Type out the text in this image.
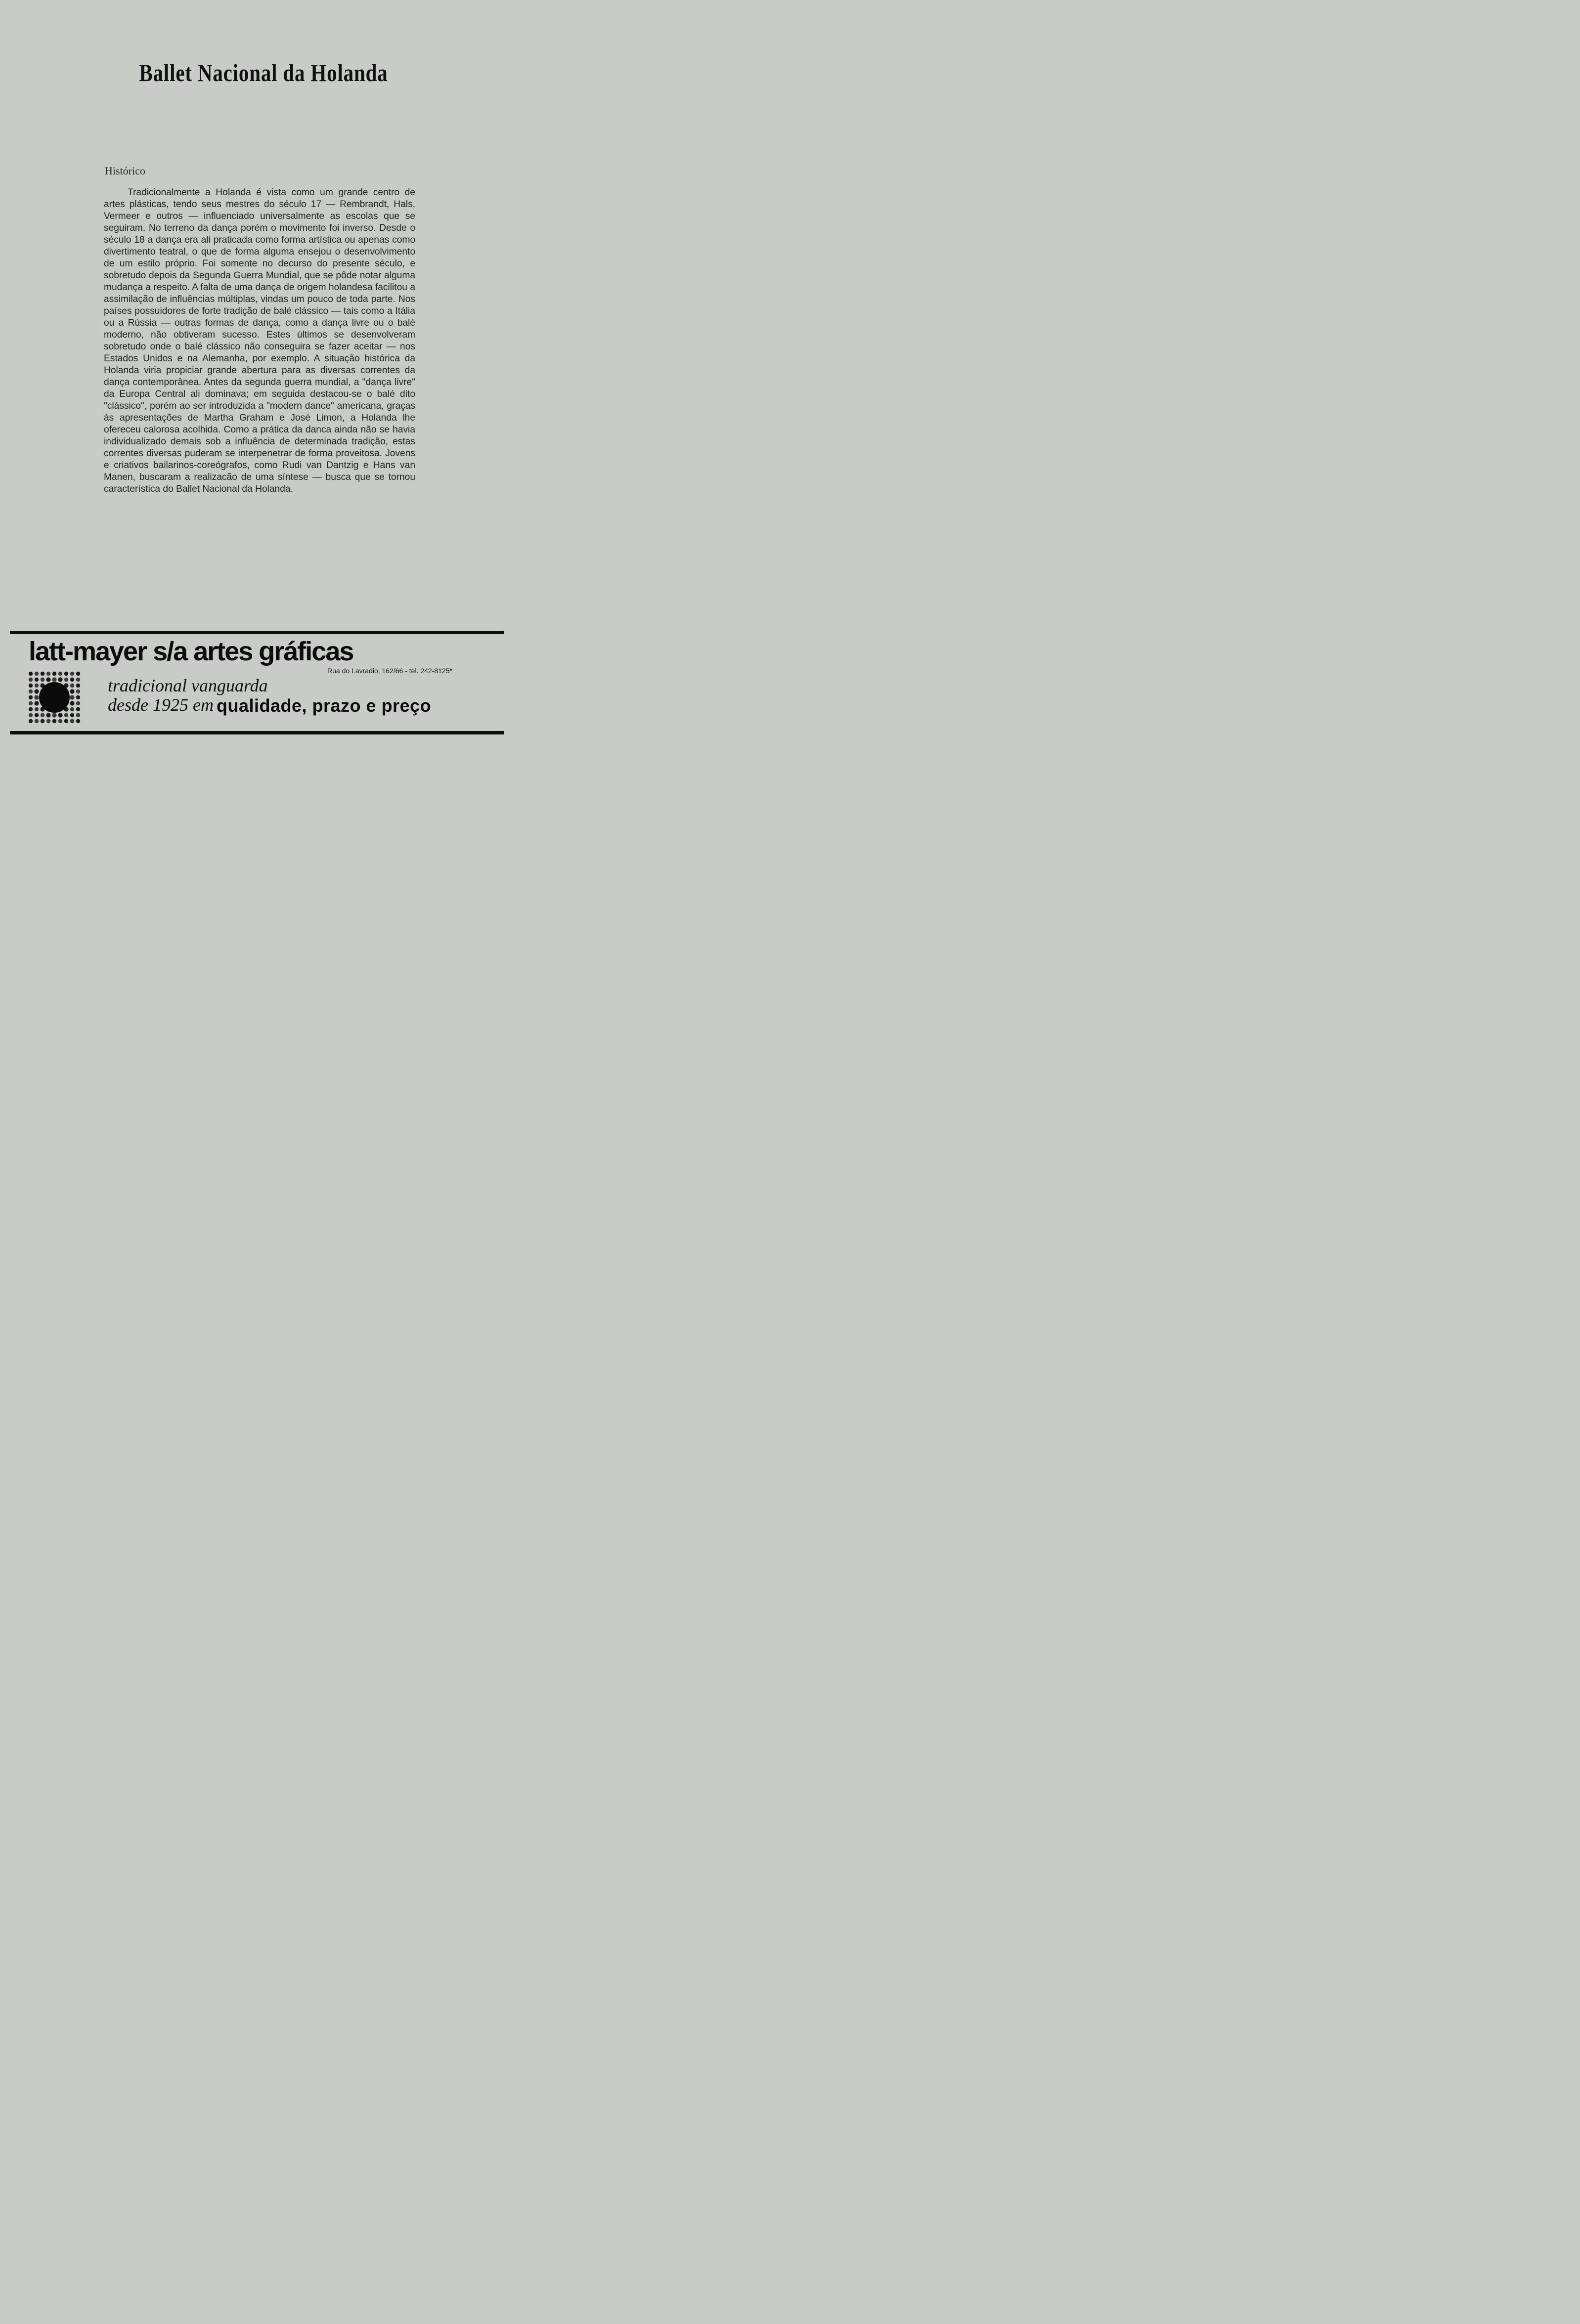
Ballet Nacional da Holanda
Histórico

Tradicionalmente a Holanda é vista como um grande centro de artes plásticas, tendo seus mestres do século 17 — Rembrandt, Hals, Vermeer e outros — influenciado universalmente as escolas que se seguiram. No terreno da dança porém o movimento foi inverso. Desde o século 18 a dança era ali praticada como forma artística ou apenas como divertimento teatral, o que de forma alguma ensejou o desenvolvimento de um estilo próprio. Foi somente no decurso do presente século, e sobretudo depois da Segunda Guerra Mundial, que se pôde notar alguma mudança a respeito. A falta de uma dança de origem holandesa facilitou a assimilação de influências múltiplas, vindas um pouco de toda parte. Nos países possuidores de forte tradição de balé clássico — tais como a Itália ou a Rússia — outras formas de dança, como a dança livre ou o balé moderno, não obtiveram sucesso. Estes últimos se desenvolveram sobretudo onde o balé clássico não conseguira se fazer aceitar — nos Estados Unidos e na Alemanha, por exemplo. A situação histórica da Holanda viria propiciar grande abertura para as diversas correntes da dança contemporânea. Antes da segunda guerra mundial, a "dança livre" da Europa Central ali dominava; em seguida destacou-se o balé dito "clássico", porém ao ser introduzida a "modern dance" americana, graças às apresentações de Martha Graham e José Limon, a Holanda lhe ofereceu calorosa acolhida. Como a prática da danca ainda não se havia individualizado demais sob a influência de determinada tradição, estas correntes diversas puderam se interpenetrar de forma proveitosa. Jovens e criativos bailarinos-coreógrafos, como Rudi van Dantzig e Hans van Manen, buscaram a realizacão de uma síntese — busca que se tornou característica do Ballet Nacional da Holanda.

latt-mayer s/a artes gráficas
Rua do Lavradio, 162/66 - tel. 242-8125*
tradicional vanguarda
desde 1925 em qualidade, prazo e preço
